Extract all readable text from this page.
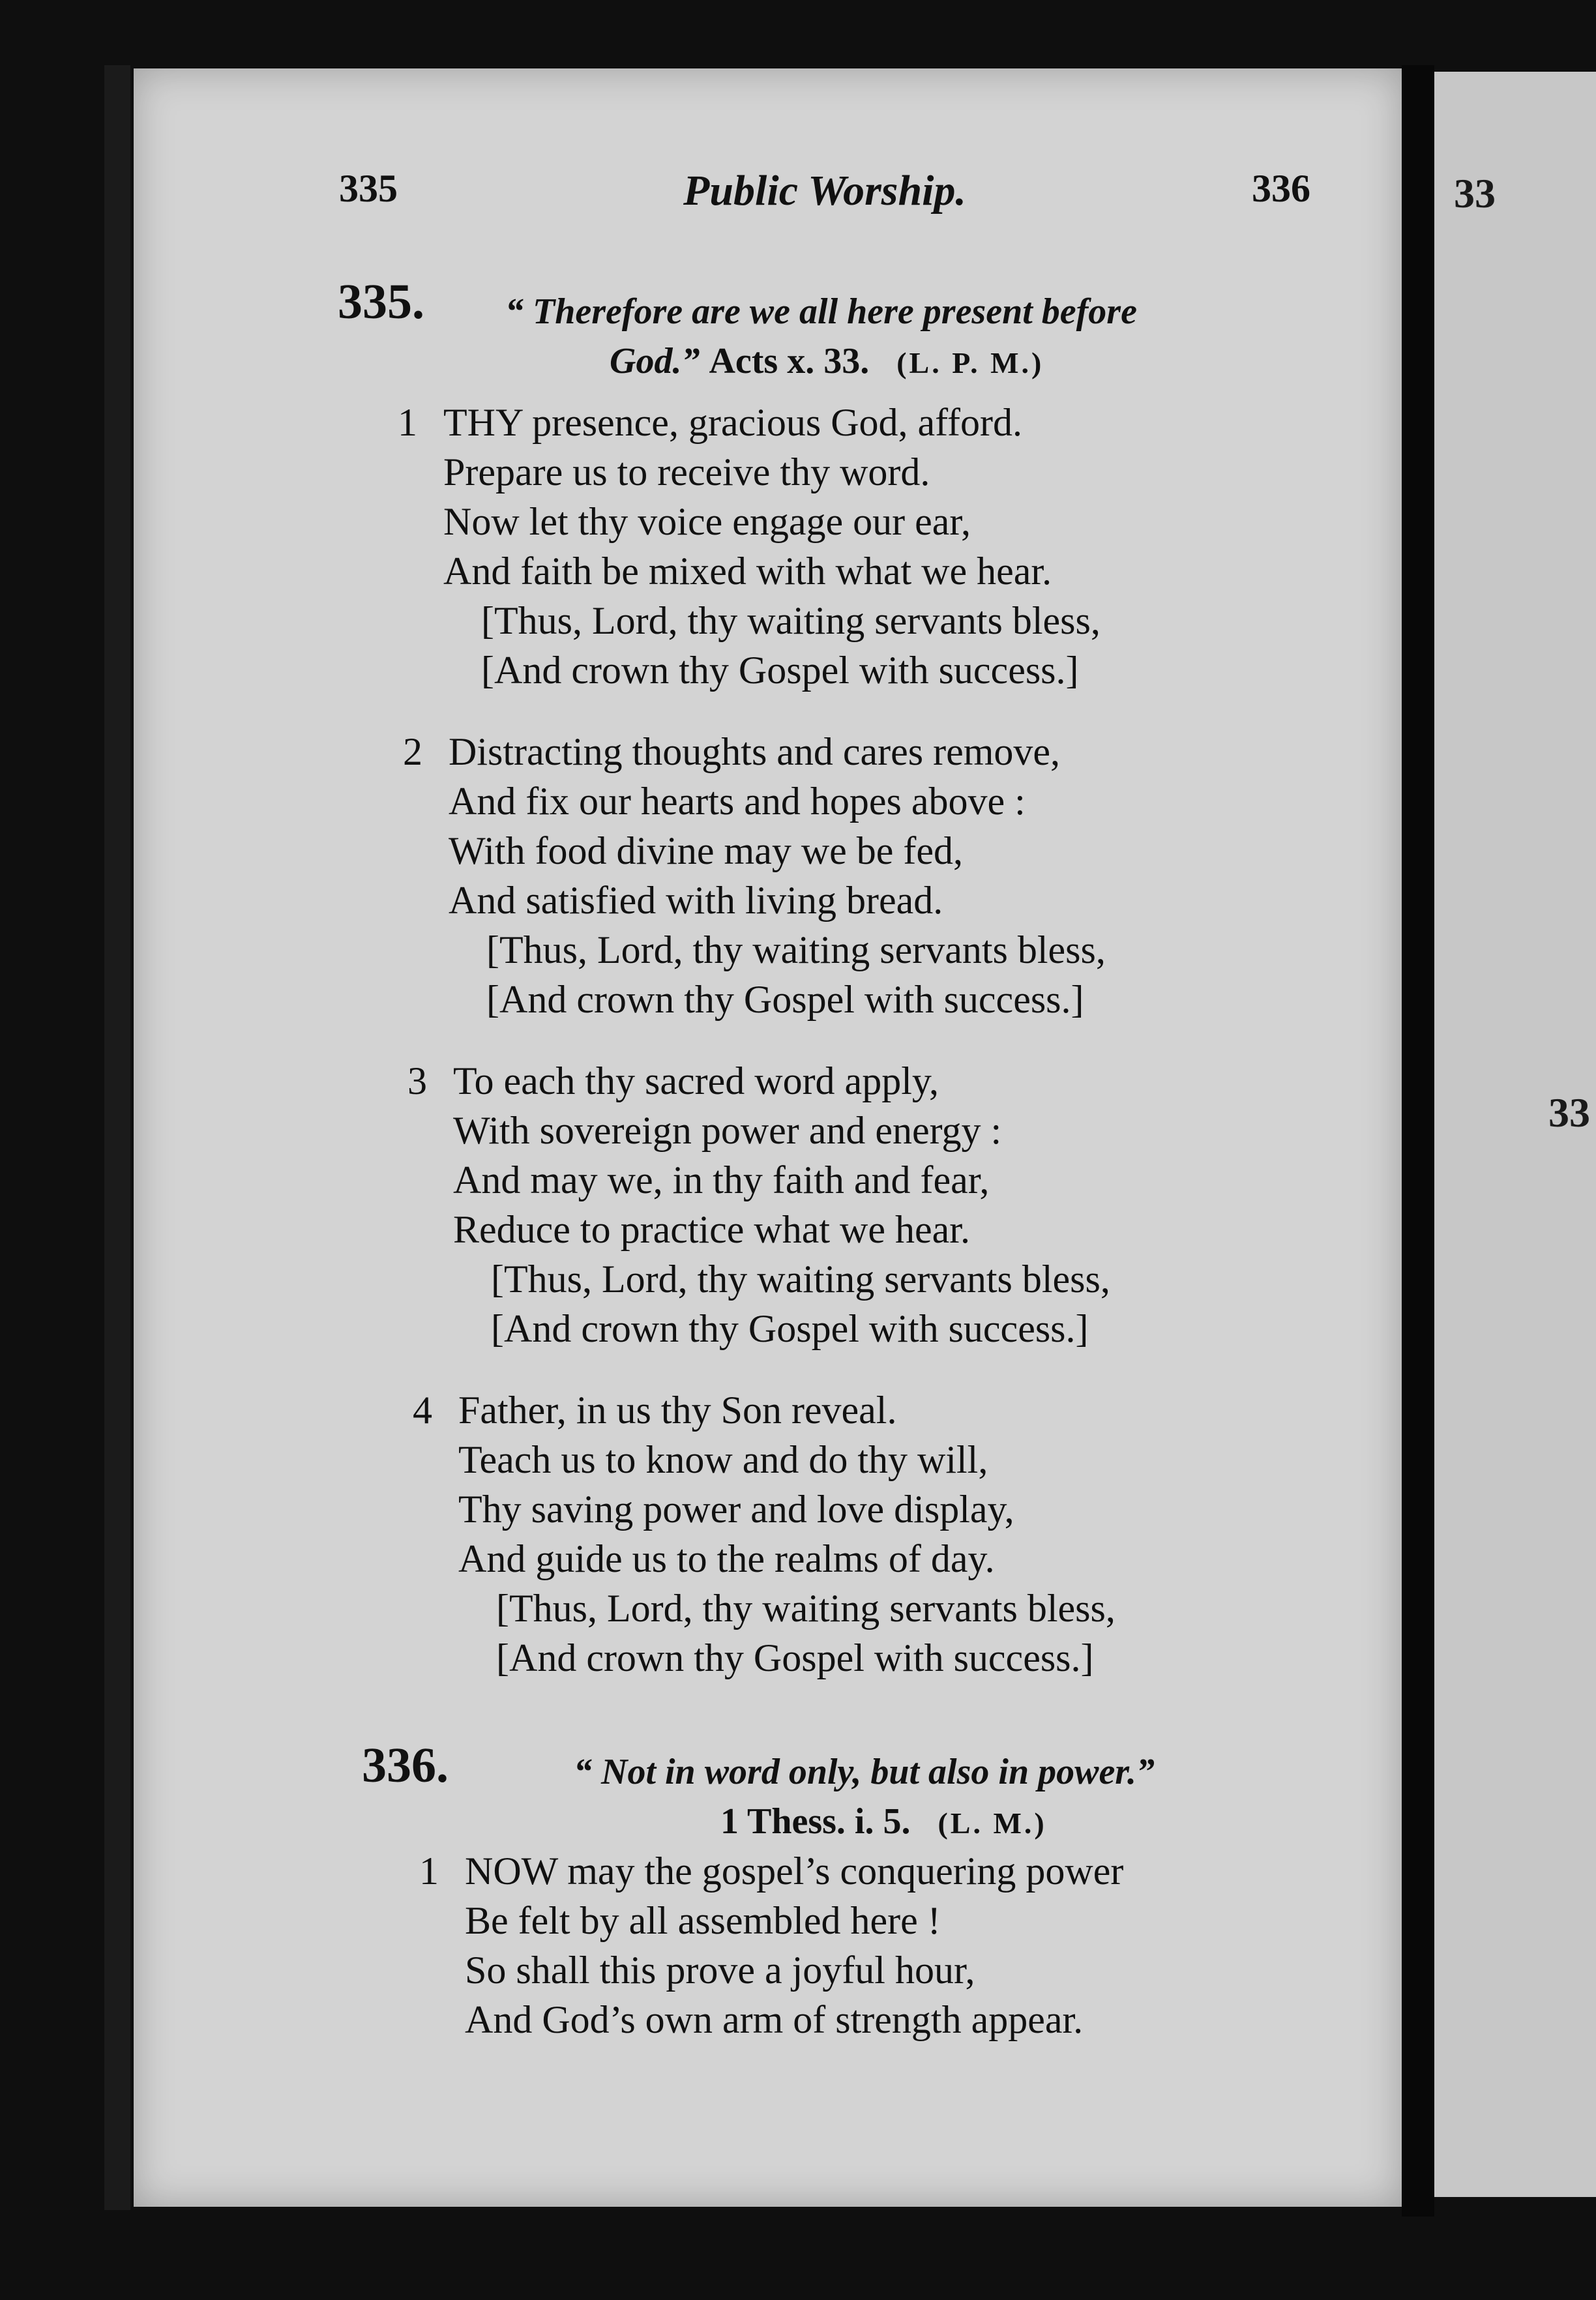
33
33
335	Public Worship.	336
335. “ Therefore are we all here present before
God.” Acts x. 33. (L. P. M.)
1 THY presence, gracious God, afford.
Prepare us to receive thy word.
Now let thy voice engage our ear,
And faith be mixed with what we hear.
[ Thus, Lord, thy waiting servants bless,
[ And crown thy Gospel with success. ]
2 Distracting thoughts and cares remove,
And fix our hearts and hopes above :
With food divine may we be fed,
And satisfied with living bread.
[ Thus, Lord, thy waiting servants bless,
[ And crown thy Gospel with success. ]
3 To each thy sacred word apply,
With sovereign power and energy :
And may we, in thy faith and fear,
Reduce to practice what we hear.
[ Thus, Lord, thy waiting servants bless,
[ And crown thy Gospel with success. ]
4 Father, in us thy Son reveal.
Teach us to know and do thy will,
Thy saving power and love display,
And guide us to the realms of day.
[ Thus, Lord, thy waiting servants bless,
[ And crown thy Gospel with success. ]
336.	“ Not in word only, but also in power.”
1 Thess. i. 5. (L. M.)
1 NOW may the gospel’s conquering power
Be felt by all assembled here !
So shall this prove a joyful hour,
And God’s own arm of strength appear.
